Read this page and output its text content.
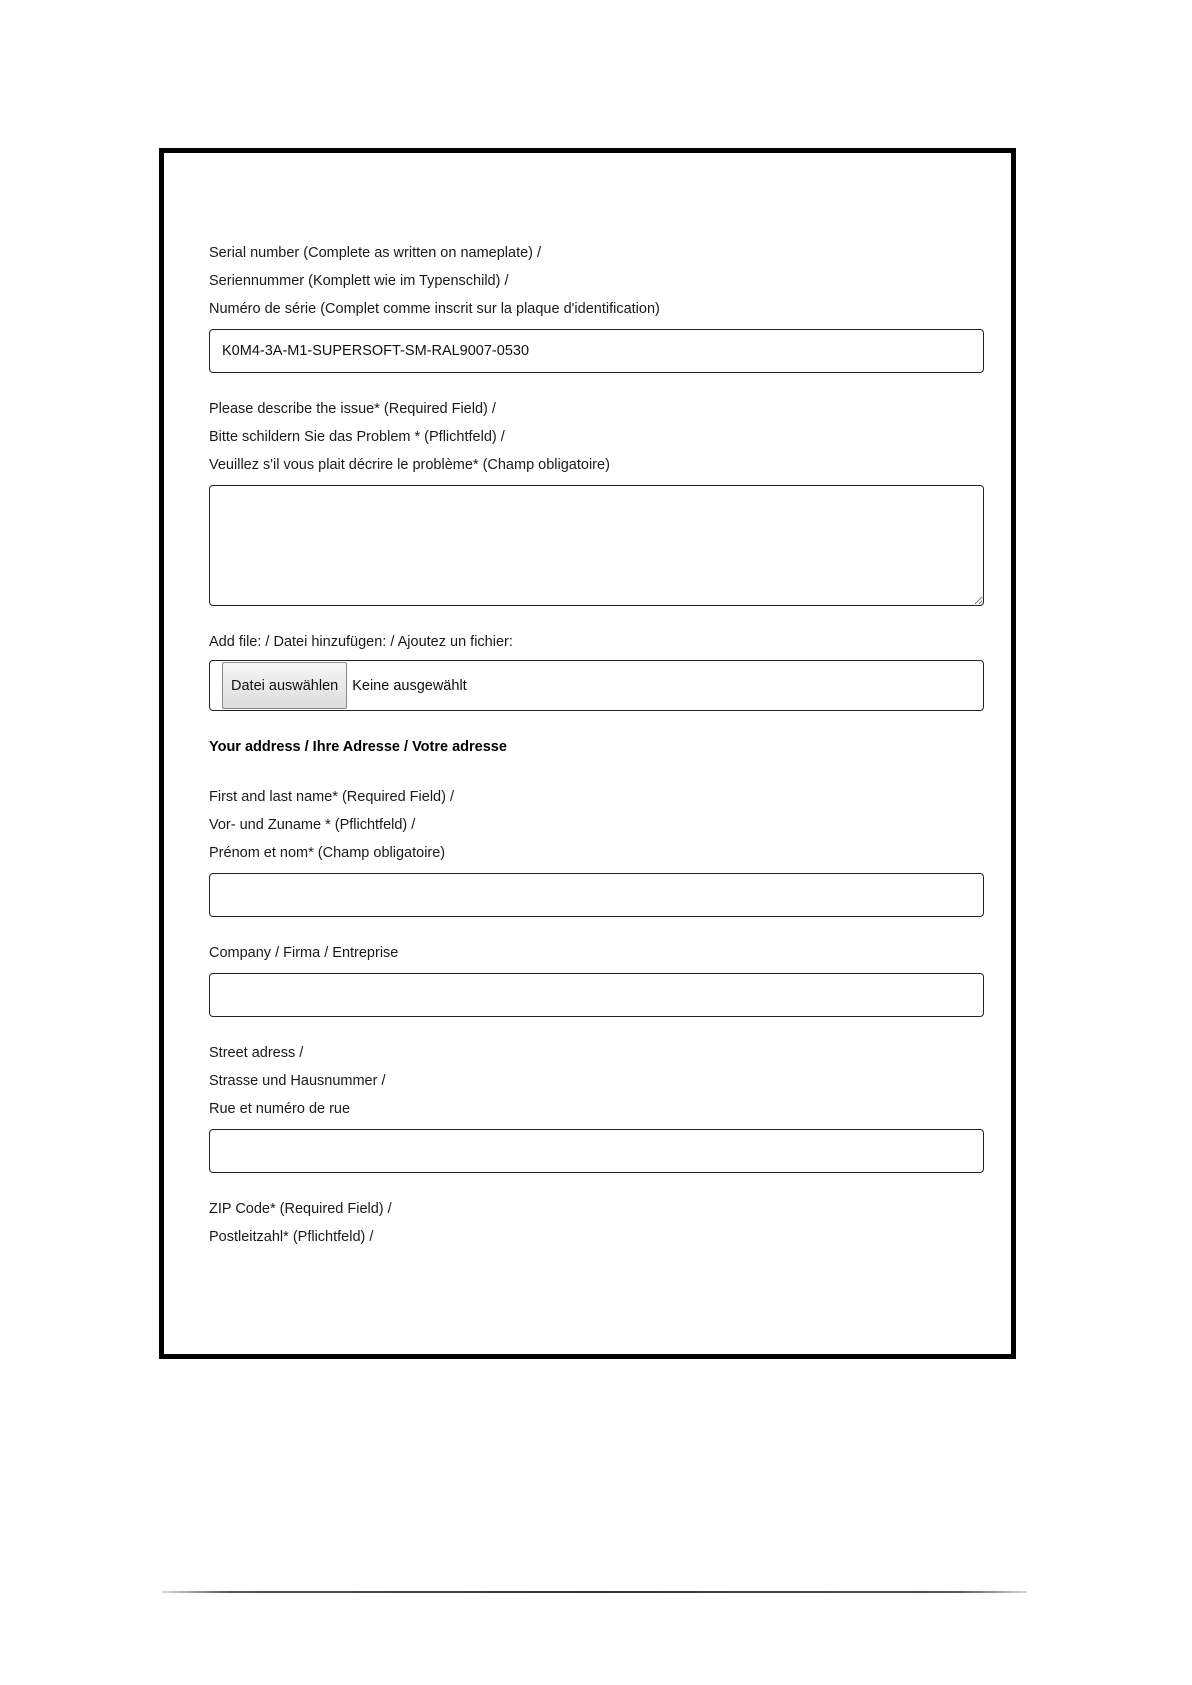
Serial number (Complete as written on nameplate) /
Seriennummer (Komplett wie im Typenschild) /
Numéro de série (Complet comme inscrit sur la plaque d'identification)
K0M4-3A-M1-SUPERSOFT-SM-RAL9007-0530
Please describe the issue* (Required Field) /
Bitte schildern Sie das Problem * (Pflichtfeld) /
Veuillez s'il vous plait décrire le problème* (Champ obligatoire)
Add file: / Datei hinzufügen: / Ajoutez un fichier:
Datei auswählen Keine ausgewählt
Your address / Ihre Adresse / Votre adresse
First and last name* (Required Field) /
Vor- und Zuname * (Pflichtfeld) /
Prénom et nom* (Champ obligatoire)
Company / Firma / Entreprise
Street adress /
Strasse und Hausnummer /
Rue et numéro de rue
ZIP Code* (Required Field) /
Postleitzahl* (Pflichtfeld) /
